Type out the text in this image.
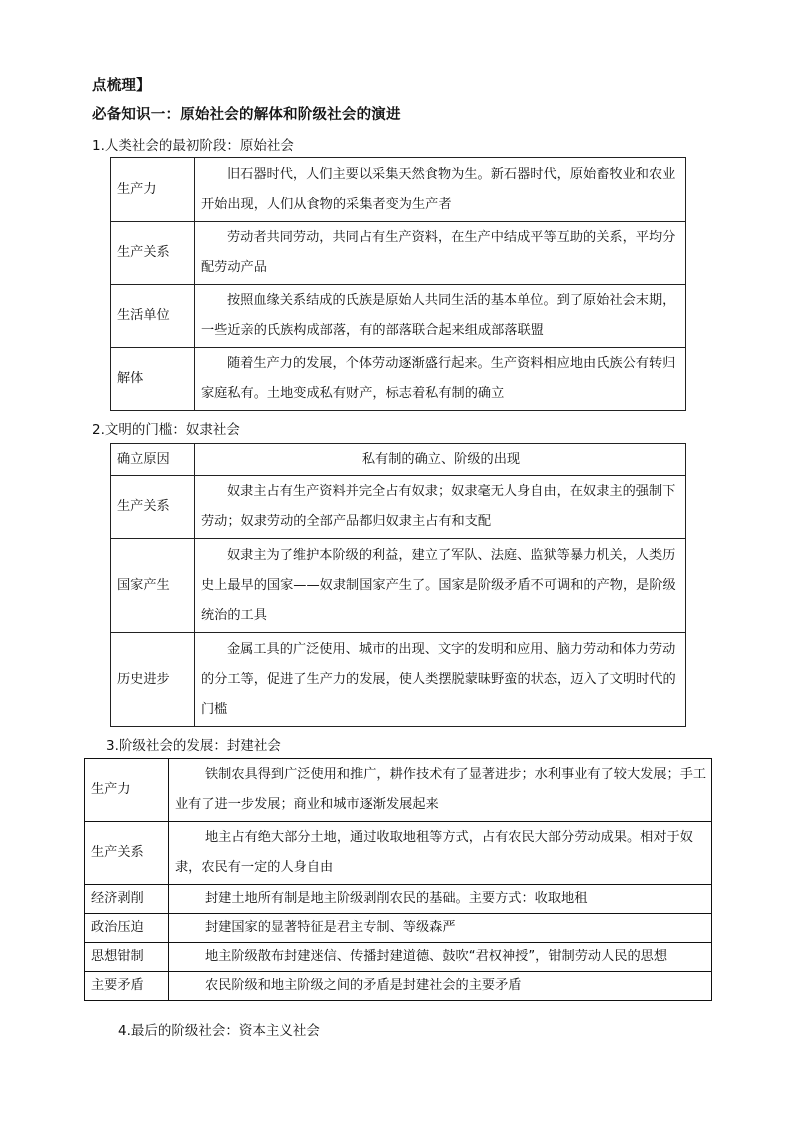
点梳理】
必备知识一：原始社会的解体和阶级社会的演进
1.人类社会的最初阶段：原始社会
生产力	旧石器时代，人们主要以采集天然食物为生。新石器时代，原始畜牧业和农业开始出现，人们从食物的采集者变为生产者
生产关系	劳动者共同劳动，共同占有生产资料，在生产中结成平等互助的关系，平均分配劳动产品
生活单位	按照血缘关系结成的氏族是原始人共同生活的基本单位。到了原始社会末期，一些近亲的氏族构成部落，有的部落联合起来组成部落联盟
解体	随着生产力的发展，个体劳动逐渐盛行起来。生产资料相应地由氏族公有转归家庭私有。土地变成私有财产，标志着私有制的确立
2.文明的门槛：奴隶社会
确立原因	私有制的确立、阶级的出现
生产关系	奴隶主占有生产资料并完全占有奴隶；奴隶毫无人身自由，在奴隶主的强制下劳动；奴隶劳动的全部产品都归奴隶主占有和支配
国家产生	奴隶主为了维护本阶级的利益，建立了军队、法庭、监狱等暴力机关，人类历史上最早的国家——奴隶制国家产生了。国家是阶级矛盾不可调和的产物，是阶级统治的工具
历史进步	金属工具的广泛使用、城市的出现、文字的发明和应用、脑力劳动和体力劳动的分工等，促进了生产力的发展，使人类摆脱蒙昧野蛮的状态，迈入了文明时代的门槛
3.阶级社会的发展：封建社会
生产力	铁制农具得到广泛使用和推广，耕作技术有了显著进步；水利事业有了较大发展；手工业有了进一步发展；商业和城市逐渐发展起来
生产关系	地主占有绝大部分土地，通过收取地租等方式，占有农民大部分劳动成果。相对于奴隶，农民有一定的人身自由
经济剥削	封建土地所有制是地主阶级剥削农民的基础。主要方式：收取地租
政治压迫	封建国家的显著特征是君主专制、等级森严
思想钳制	地主阶级散布封建迷信、传播封建道德、鼓吹“君权神授”，钳制劳动人民的思想
主要矛盾	农民阶级和地主阶级之间的矛盾是封建社会的主要矛盾
4.最后的阶级社会：资本主义社会
